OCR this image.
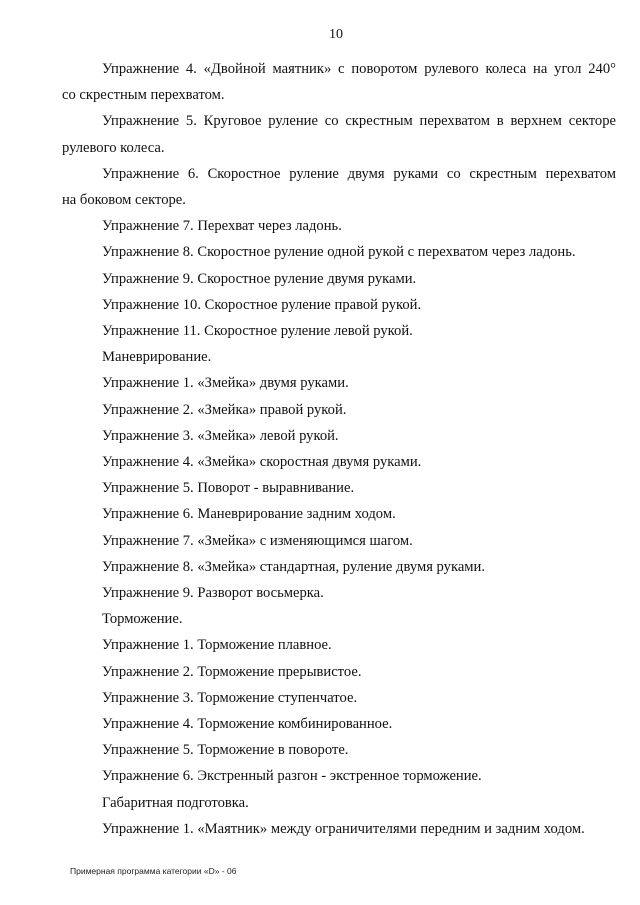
10

Упражнение 4. «Двойной маятник» с поворотом рулевого колеса на угол 240°

со скрестным перехватом.

Упражнение 5. Круговое руление со скрестным перехватом в верхнем секторе

рулевого колеса.

Упражнение 6. Скоростное руление двумя руками со скрестным перехватом

на боковом секторе.

Упражнение 7. Перехват через ладонь.

Упражнение 8. Скоростное руление одной рукой с перехватом через ладонь.

Упражнение 9. Скоростное руление двумя руками.

Упражнение 10. Скоростное руление правой рукой.

Упражнение 11. Скоростное руление левой рукой.

Маневрирование.

Упражнение 1. «Змейка» двумя руками.

Упражнение 2. «Змейка» правой рукой.

Упражнение 3. «Змейка» левой рукой.

Упражнение 4. «Змейка» скоростная двумя руками.

Упражнение 5. Поворот - выравнивание.

Упражнение 6. Маневрирование задним ходом.

Упражнение 7. «Змейка» с изменяющимся шагом.

Упражнение 8. «Змейка» стандартная, руление двумя руками.

Упражнение 9. Разворот восьмерка.

Торможение.

Упражнение 1. Торможение плавное.

Упражнение 2. Торможение прерывистое.

Упражнение 3. Торможение ступенчатое.

Упражнение 4. Торможение комбинированное.

Упражнение 5. Торможение в повороте.

Упражнение 6. Экстренный разгон - экстренное торможение.

Габаритная подготовка.

Упражнение 1. «Маятник» между ограничителями передним и задним ходом.

Примерная программа категории «D» - 06
